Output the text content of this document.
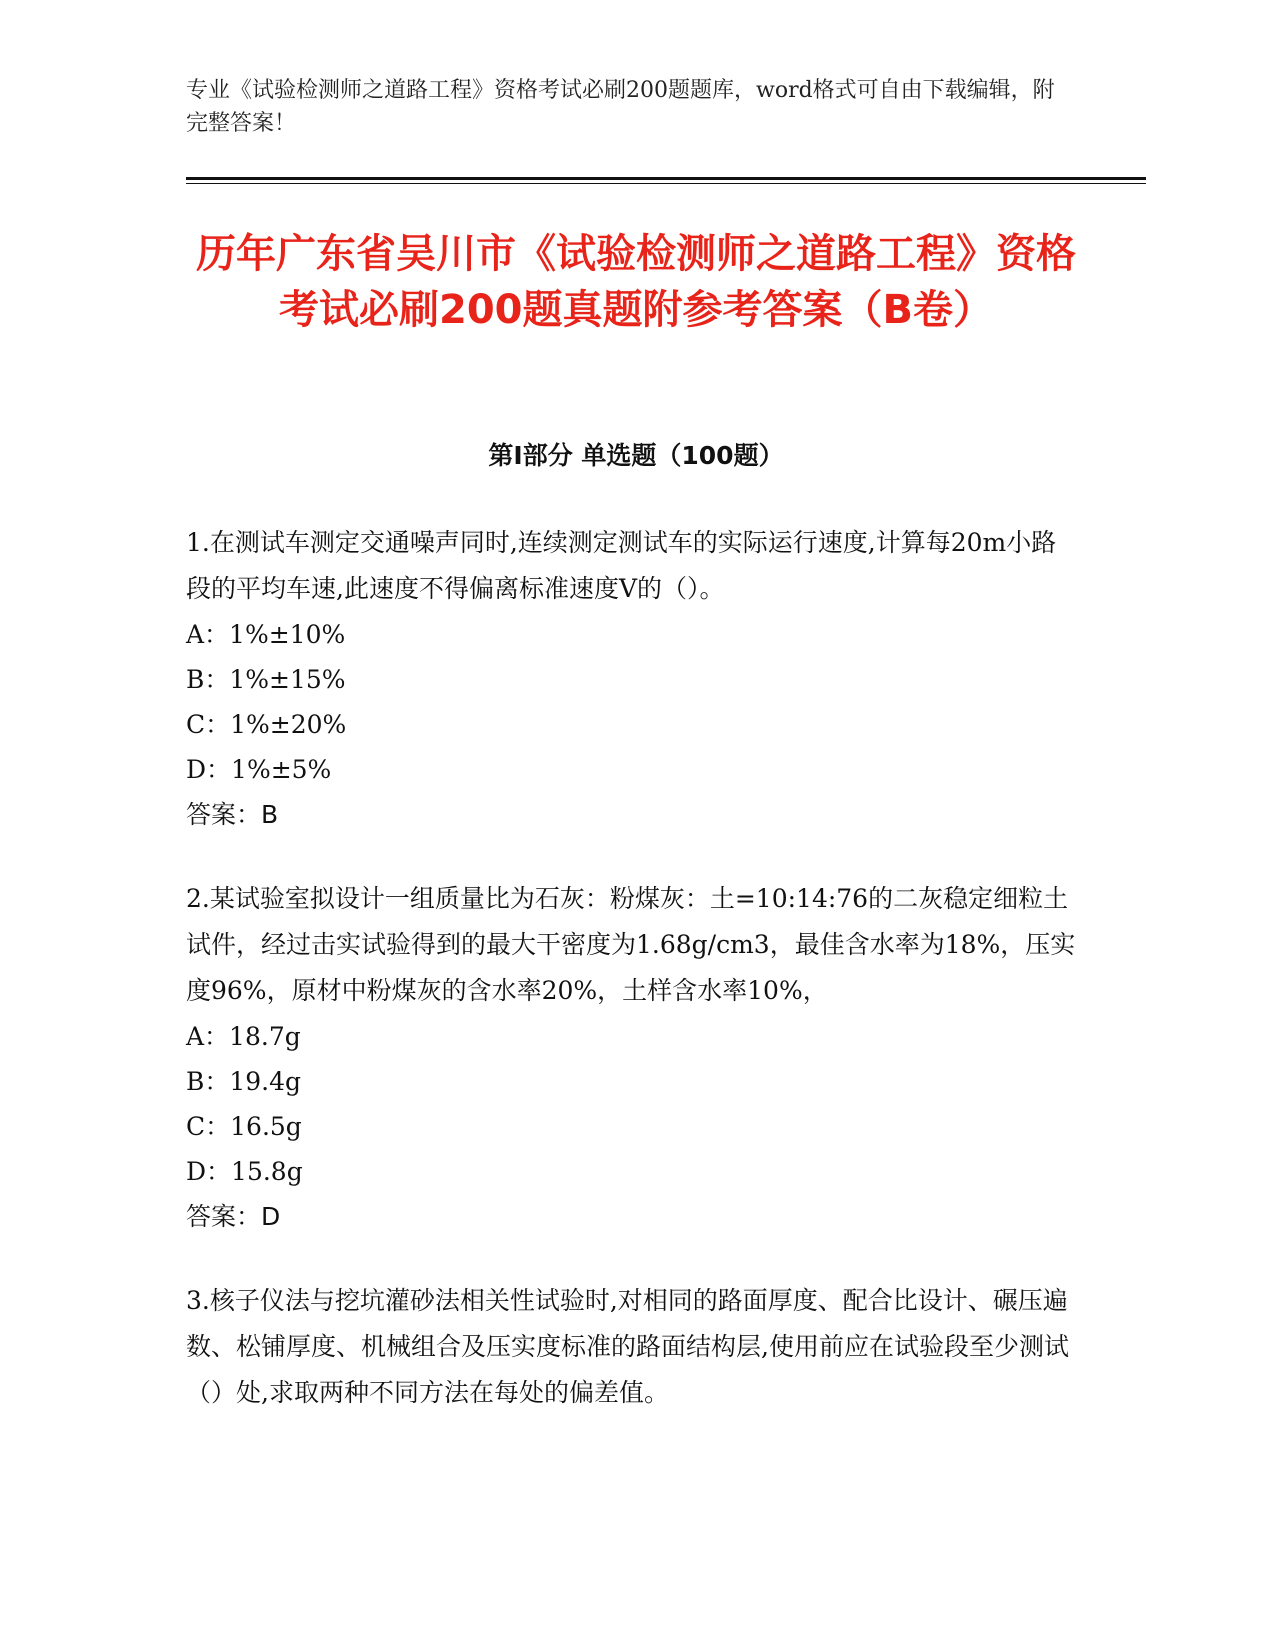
专业《试验检测师之道路工程》资格考试必刷200题题库，word格式可自由下载编辑，附完整答案！
历年广东省吴川市《试验检测师之道路工程》资格考试必刷200题真题附参考答案（B卷）
第Ⅰ部分 单选题（100题）
1.在测试车测定交通噪声同时,连续测定测试车的实际运行速度,计算每20m小路段的平均车速,此速度不得偏离标准速度V的（）。
A：1%±10%
B：1%±15%
C：1%±20%
D：1%±5%
答案：B
2.某试验室拟设计一组质量比为石灰：粉煤灰：土=10:14:76的二灰稳定细粒土试件，经过击实试验得到的最大干密度为1.68g/cm3，最佳含水率为18%，压实度96%，原材中粉煤灰的含水率20%，土样含水率10%，
A：18.7g
B：19.4g
C：16.5g
D：15.8g
答案：D
3.核子仪法与挖坑灌砂法相关性试验时,对相同的路面厚度、配合比设计、碾压遍数、松铺厚度、机械组合及压实度标准的路面结构层,使用前应在试验段至少测试（）处,求取两种不同方法在每处的偏差值。
